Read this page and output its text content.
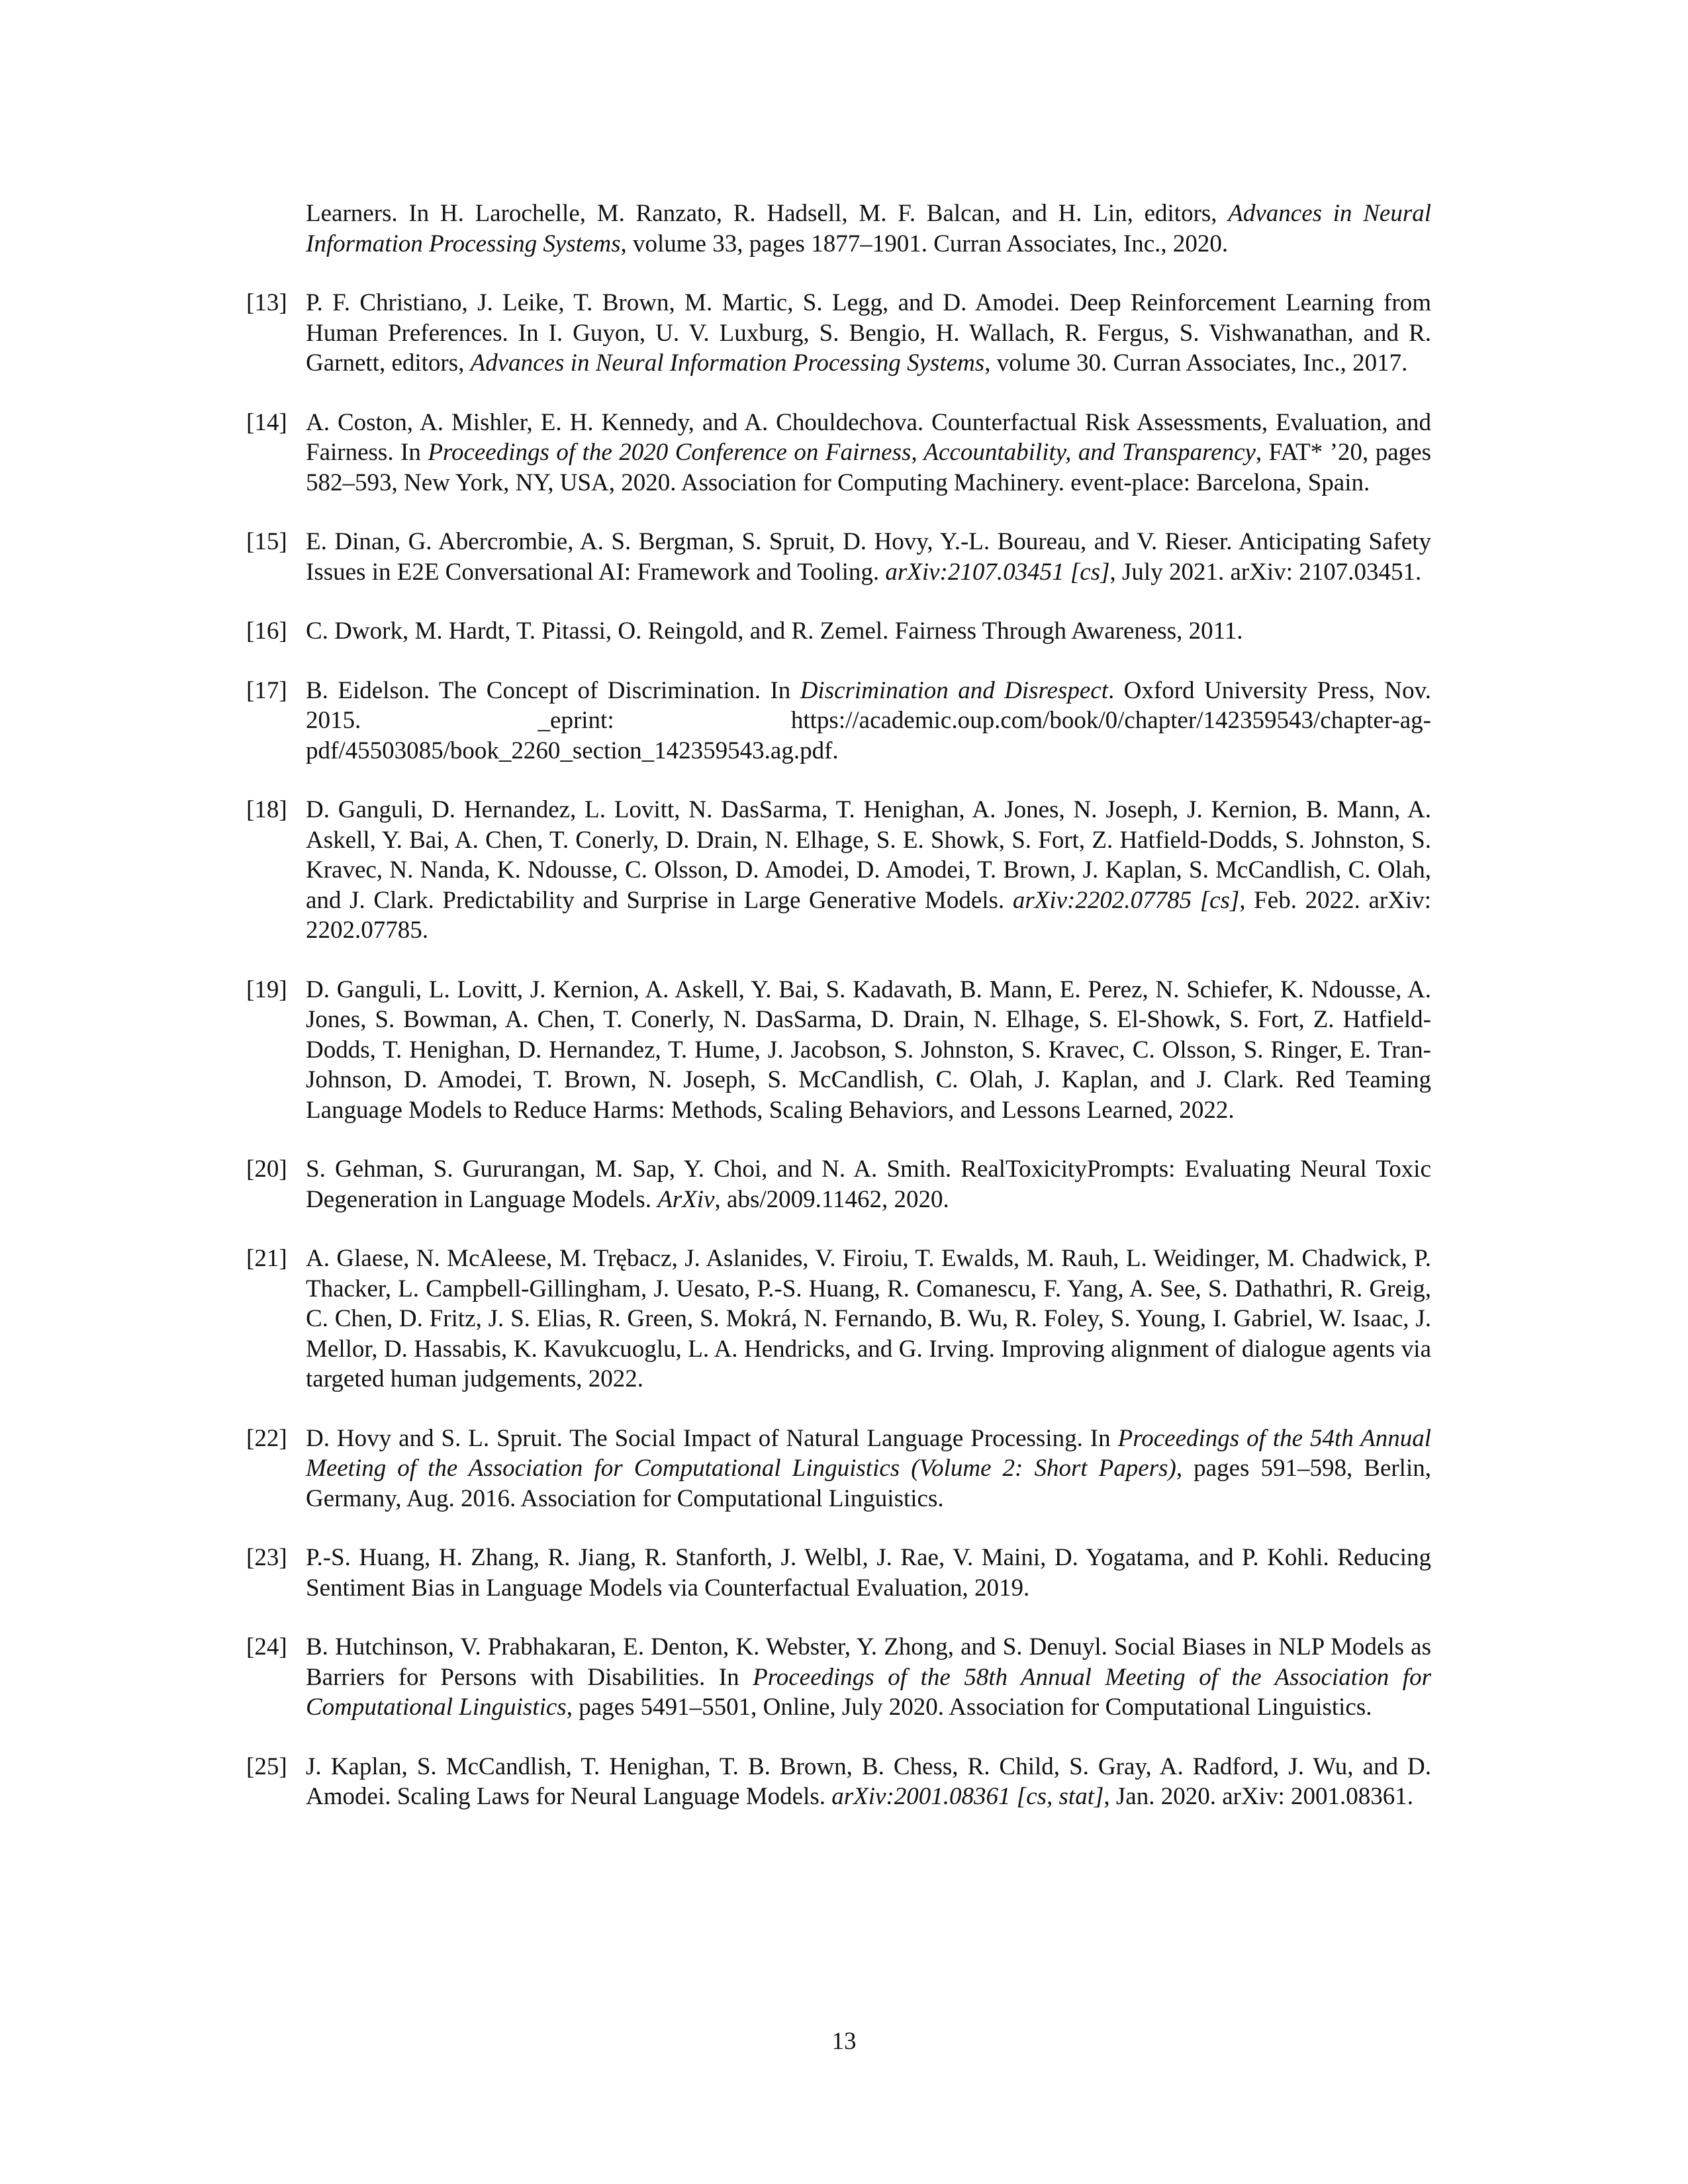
Learners. In H. Larochelle, M. Ranzato, R. Hadsell, M. F. Balcan, and H. Lin, editors, Advances in Neural Information Processing Systems, volume 33, pages 1877–1901. Curran Associates, Inc., 2020.
[13] P. F. Christiano, J. Leike, T. Brown, M. Martic, S. Legg, and D. Amodei. Deep Reinforcement Learning from Human Preferences. In I. Guyon, U. V. Luxburg, S. Bengio, H. Wallach, R. Fergus, S. Vishwanathan, and R. Garnett, editors, Advances in Neural Information Processing Systems, volume 30. Curran Associates, Inc., 2017.
[14] A. Coston, A. Mishler, E. H. Kennedy, and A. Chouldechova. Counterfactual Risk Assessments, Evaluation, and Fairness. In Proceedings of the 2020 Conference on Fairness, Accountability, and Transparency, FAT* ’20, pages 582–593, New York, NY, USA, 2020. Association for Computing Machinery. event-place: Barcelona, Spain.
[15] E. Dinan, G. Abercrombie, A. S. Bergman, S. Spruit, D. Hovy, Y.-L. Boureau, and V. Rieser. Anticipating Safety Issues in E2E Conversational AI: Framework and Tooling. arXiv:2107.03451 [cs], July 2021. arXiv: 2107.03451.
[16] C. Dwork, M. Hardt, T. Pitassi, O. Reingold, and R. Zemel. Fairness Through Awareness, 2011.
[17] B. Eidelson. The Concept of Discrimination. In Discrimination and Disrespect. Oxford University Press, Nov. 2015. _eprint: https://academic.oup.com/book/0/chapter/142359543/chapter-ag-pdf/45503085/book_2260_section_142359543.ag.pdf.
[18] D. Ganguli, D. Hernandez, L. Lovitt, N. DasSarma, T. Henighan, A. Jones, N. Joseph, J. Kernion, B. Mann, A. Askell, Y. Bai, A. Chen, T. Conerly, D. Drain, N. Elhage, S. E. Showk, S. Fort, Z. Hatfield-Dodds, S. Johnston, S. Kravec, N. Nanda, K. Ndousse, C. Olsson, D. Amodei, D. Amodei, T. Brown, J. Kaplan, S. McCandlish, C. Olah, and J. Clark. Predictability and Surprise in Large Generative Models. arXiv:2202.07785 [cs], Feb. 2022. arXiv: 2202.07785.
[19] D. Ganguli, L. Lovitt, J. Kernion, A. Askell, Y. Bai, S. Kadavath, B. Mann, E. Perez, N. Schiefer, K. Ndousse, A. Jones, S. Bowman, A. Chen, T. Conerly, N. DasSarma, D. Drain, N. Elhage, S. El-Showk, S. Fort, Z. Hatfield-Dodds, T. Henighan, D. Hernandez, T. Hume, J. Jacobson, S. Johnston, S. Kravec, C. Olsson, S. Ringer, E. Tran-Johnson, D. Amodei, T. Brown, N. Joseph, S. McCandlish, C. Olah, J. Kaplan, and J. Clark. Red Teaming Language Models to Reduce Harms: Methods, Scaling Behaviors, and Lessons Learned, 2022.
[20] S. Gehman, S. Gururangan, M. Sap, Y. Choi, and N. A. Smith. RealToxicityPrompts: Evaluating Neural Toxic Degeneration in Language Models. ArXiv, abs/2009.11462, 2020.
[21] A. Glaese, N. McAleese, M. Trębacz, J. Aslanides, V. Firoiu, T. Ewalds, M. Rauh, L. Weidinger, M. Chadwick, P. Thacker, L. Campbell-Gillingham, J. Uesato, P.-S. Huang, R. Comanescu, F. Yang, A. See, S. Dathathri, R. Greig, C. Chen, D. Fritz, J. S. Elias, R. Green, S. Mokrá, N. Fernando, B. Wu, R. Foley, S. Young, I. Gabriel, W. Isaac, J. Mellor, D. Hassabis, K. Kavukcuoglu, L. A. Hendricks, and G. Irving. Improving alignment of dialogue agents via targeted human judgements, 2022.
[22] D. Hovy and S. L. Spruit. The Social Impact of Natural Language Processing. In Proceedings of the 54th Annual Meeting of the Association for Computational Linguistics (Volume 2: Short Papers), pages 591–598, Berlin, Germany, Aug. 2016. Association for Computational Linguistics.
[23] P.-S. Huang, H. Zhang, R. Jiang, R. Stanforth, J. Welbl, J. Rae, V. Maini, D. Yogatama, and P. Kohli. Reducing Sentiment Bias in Language Models via Counterfactual Evaluation, 2019.
[24] B. Hutchinson, V. Prabhakaran, E. Denton, K. Webster, Y. Zhong, and S. Denuyl. Social Biases in NLP Models as Barriers for Persons with Disabilities. In Proceedings of the 58th Annual Meeting of the Association for Computational Linguistics, pages 5491–5501, Online, July 2020. Association for Computational Linguistics.
[25] J. Kaplan, S. McCandlish, T. Henighan, T. B. Brown, B. Chess, R. Child, S. Gray, A. Radford, J. Wu, and D. Amodei. Scaling Laws for Neural Language Models. arXiv:2001.08361 [cs, stat], Jan. 2020. arXiv: 2001.08361.
13
